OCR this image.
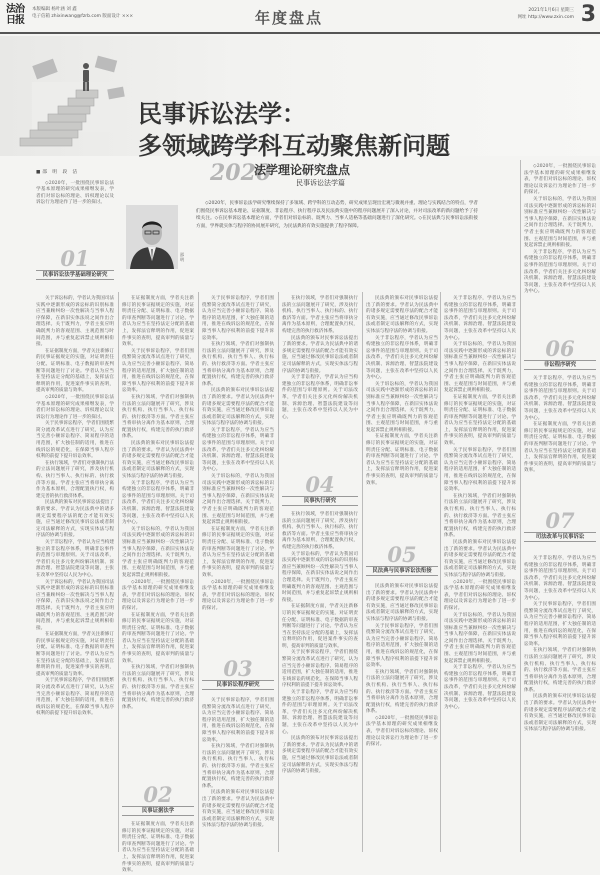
法治日报
本版编辑 杨叶涵 刘 鑫
电子信箱 zhixinwang@fzrb.com 版面设计 ×××	年度盘点	2021年1月6日 星期三
网址 http://www.zxin.com 3
民事诉讼法学：
多领域跨学科互动聚焦新问题
2020
法学理论研究盘点
民事诉讼法学篇
邵明
◇2020年，民事诉讼法学研究继续保持了多领域、跨学科的互动态势，研究成果呈现出宏观与微观并重、理论与实践结合的特点，学者们围绕民事诉讼基本理论、证据制度、非讼程序、执行程序以及民法典实施中的程序问题展开了深入讨论，并对司法改革的新问题给予了持续关注。◇在民事诉讼基本理论方面，学者们对诉讼标的、既判力、当事人适格等基础问题进行了深化研究。◇在民法典与民事诉讼法衔接方面，学界就实体与程序的协同展开研究，为民法典的有效实施提供了程序保障。
■邵 明 段 洁

◇2020年，一批围绕民事诉讼法学基本原理的研究成果相继发表，学者们对诉讼标的理论、诉权理论以及诉讼行为理论作了进一步的探讨。

01
民事诉讼法学基础理论研究

关于诉讼标的，学者认为我国司法实践中逐渐形成的诉讼标的识别标准应当兼顾纠纷一次性解决与当事人程序保障，在新旧实体法说之间作出合理选择。关于既判力，学者主张应明确既判力的客观范围、主观范围与时间范围，并与重复起诉禁止规则相衔接。

在证据制度方面，学者关注新修订的民事证据规定的实施，对证明责任分配、证明标准、电子数据的审查判断等问题进行了讨论。学者认为应当在坚持法定分配的基础上，发挥法官释明的作用，促进案件事实的查明，提高审判的质量与效率。

◇2020年，一批围绕民事诉讼法学基本原理的研究成果相继发表，学者们对诉讼标的理论、诉权理论以及诉讼行为理论作了进一步的探讨。

关于民事诉讼程序，学者们围绕繁简分流改革试点进行了研究，认为应当完善小额诉讼程序、简易程序的适用范围，扩大独任制的适用，推进在线诉讼的规范化，在保障当事人程序权利的前提下提升诉讼效率。

在执行领域，学者们对强制执行法的立法问题展开了研究，涉及执行机构、执行当事人、执行标的、执行救济等方面。学者主张应当将审执分离作为基本原则，合理配置执行权，构建完善的执行救济体系。

民法典的颁布对民事诉讼法提出了新的要求。学者认为民法典中的诸多规定需要程序法的配合才能有效实施，应当通过修改民事诉讼法或者制定司法解释的方式，实现实体法与程序法的协调与衔接。

关于非讼程序，学者认为应当构建独立的非讼程序体系，明确非讼事件的范围与审理原则。关于司法改革，学者们关注多元化纠纷解决机制、诉源治理、智慧法院建设等问题，主张在改革中坚持以人民为中心。

关于诉讼标的，学者认为我国司法实践中逐渐形成的诉讼标的识别标准应当兼顾纠纷一次性解决与当事人程序保障，在新旧实体法说之间作出合理选择。关于既判力，学者主张应明确既判力的客观范围、主观范围与时间范围，并与重复起诉禁止规则相衔接。

在证据制度方面，学者关注新修订的民事证据规定的实施，对证明责任分配、证明标准、电子数据的审查判断等问题进行了讨论。学者认为应当在坚持法定分配的基础上，发挥法官释明的作用，促进案件事实的查明，提高审判的质量与效率。

关于民事诉讼程序，学者们围绕繁简分流改革试点进行了研究，认为应当完善小额诉讼程序、简易程序的适用范围，扩大独任制的适用，推进在线诉讼的规范化，在保障当事人程序权利的前提下提升诉讼效率。

在证据制度方面，学者关注新修订的民事证据规定的实施，对证明责任分配、证明标准、电子数据的审查判断等问题进行了讨论。学者认为应当在坚持法定分配的基础上，发挥法官释明的作用，促进案件事实的查明，提高审判的质量与效率。

关于民事诉讼程序，学者们围绕繁简分流改革试点进行了研究，认为应当完善小额诉讼程序、简易程序的适用范围，扩大独任制的适用，推进在线诉讼的规范化，在保障当事人程序权利的前提下提升诉讼效率。

在执行领域，学者们对强制执行法的立法问题展开了研究，涉及执行机构、执行当事人、执行标的、执行救济等方面。学者主张应当将审执分离作为基本原则，合理配置执行权，构建完善的执行救济体系。

民法典的颁布对民事诉讼法提出了新的要求。学者认为民法典中的诸多规定需要程序法的配合才能有效实施，应当通过修改民事诉讼法或者制定司法解释的方式，实现实体法与程序法的协调与衔接。

关于非讼程序，学者认为应当构建独立的非讼程序体系，明确非讼事件的范围与审理原则。关于司法改革，学者们关注多元化纠纷解决机制、诉源治理、智慧法院建设等问题，主张在改革中坚持以人民为中心。

关于诉讼标的，学者认为我国司法实践中逐渐形成的诉讼标的识别标准应当兼顾纠纷一次性解决与当事人程序保障，在新旧实体法说之间作出合理选择。关于既判力，学者主张应明确既判力的客观范围、主观范围与时间范围，并与重复起诉禁止规则相衔接。

◇2020年，一批围绕民事诉讼法学基本原理的研究成果相继发表，学者们对诉讼标的理论、诉权理论以及诉讼行为理论作了进一步的探讨。

在证据制度方面，学者关注新修订的民事证据规定的实施，对证明责任分配、证明标准、电子数据的审查判断等问题进行了讨论。学者认为应当在坚持法定分配的基础上，发挥法官释明的作用，促进案件事实的查明，提高审判的质量与效率。

在执行领域，学者们对强制执行法的立法问题展开了研究，涉及执行机构、执行当事人、执行标的、执行救济等方面。学者主张应当将审执分离作为基本原则，合理配置执行权，构建完善的执行救济体系。

02
民事证据法学

在证据制度方面，学者关注新修订的民事证据规定的实施，对证明责任分配、证明标准、电子数据的审查判断等问题进行了讨论。学者认为应当在坚持法定分配的基础上，发挥法官释明的作用，促进案件事实的查明，提高审判的质量与效率。

关于民事诉讼程序，学者们围绕繁简分流改革试点进行了研究，认为应当完善小额诉讼程序、简易程序的适用范围，扩大独任制的适用，推进在线诉讼的规范化，在保障当事人程序权利的前提下提升诉讼效率。

在执行领域，学者们对强制执行法的立法问题展开了研究，涉及执行机构、执行当事人、执行标的、执行救济等方面。学者主张应当将审执分离作为基本原则，合理配置执行权，构建完善的执行救济体系。

民法典的颁布对民事诉讼法提出了新的要求。学者认为民法典中的诸多规定需要程序法的配合才能有效实施，应当通过修改民事诉讼法或者制定司法解释的方式，实现实体法与程序法的协调与衔接。

关于非讼程序，学者认为应当构建独立的非讼程序体系，明确非讼事件的范围与审理原则。关于司法改革，学者们关注多元化纠纷解决机制、诉源治理、智慧法院建设等问题，主张在改革中坚持以人民为中心。

关于诉讼标的，学者认为我国司法实践中逐渐形成的诉讼标的识别标准应当兼顾纠纷一次性解决与当事人程序保障，在新旧实体法说之间作出合理选择。关于既判力，学者主张应明确既判力的客观范围、主观范围与时间范围，并与重复起诉禁止规则相衔接。

在证据制度方面，学者关注新修订的民事证据规定的实施，对证明责任分配、证明标准、电子数据的审查判断等问题进行了讨论。学者认为应当在坚持法定分配的基础上，发挥法官释明的作用，促进案件事实的查明，提高审判的质量与效率。

◇2020年，一批围绕民事诉讼法学基本原理的研究成果相继发表，学者们对诉讼标的理论、诉权理论以及诉讼行为理论作了进一步的探讨。

03
民事诉讼程序研究

关于民事诉讼程序，学者们围绕繁简分流改革试点进行了研究，认为应当完善小额诉讼程序、简易程序的适用范围，扩大独任制的适用，推进在线诉讼的规范化，在保障当事人程序权利的前提下提升诉讼效率。

在执行领域，学者们对强制执行法的立法问题展开了研究，涉及执行机构、执行当事人、执行标的、执行救济等方面。学者主张应当将审执分离作为基本原则，合理配置执行权，构建完善的执行救济体系。

民法典的颁布对民事诉讼法提出了新的要求。学者认为民法典中的诸多规定需要程序法的配合才能有效实施，应当通过修改民事诉讼法或者制定司法解释的方式，实现实体法与程序法的协调与衔接。

在执行领域，学者们对强制执行法的立法问题展开了研究，涉及执行机构、执行当事人、执行标的、执行救济等方面。学者主张应当将审执分离作为基本原则，合理配置执行权，构建完善的执行救济体系。

民法典的颁布对民事诉讼法提出了新的要求。学者认为民法典中的诸多规定需要程序法的配合才能有效实施，应当通过修改民事诉讼法或者制定司法解释的方式，实现实体法与程序法的协调与衔接。

关于非讼程序，学者认为应当构建独立的非讼程序体系，明确非讼事件的范围与审理原则。关于司法改革，学者们关注多元化纠纷解决机制、诉源治理、智慧法院建设等问题，主张在改革中坚持以人民为中心。

04
民事执行研究

在执行领域，学者们对强制执行法的立法问题展开了研究，涉及执行机构、执行当事人、执行标的、执行救济等方面。学者主张应当将审执分离作为基本原则，合理配置执行权，构建完善的执行救济体系。

关于诉讼标的，学者认为我国司法实践中逐渐形成的诉讼标的识别标准应当兼顾纠纷一次性解决与当事人程序保障，在新旧实体法说之间作出合理选择。关于既判力，学者主张应明确既判力的客观范围、主观范围与时间范围，并与重复起诉禁止规则相衔接。

在证据制度方面，学者关注新修订的民事证据规定的实施，对证明责任分配、证明标准、电子数据的审查判断等问题进行了讨论。学者认为应当在坚持法定分配的基础上，发挥法官释明的作用，促进案件事实的查明，提高审判的质量与效率。

关于民事诉讼程序，学者们围绕繁简分流改革试点进行了研究，认为应当完善小额诉讼程序、简易程序的适用范围，扩大独任制的适用，推进在线诉讼的规范化，在保障当事人程序权利的前提下提升诉讼效率。

关于非讼程序，学者认为应当构建独立的非讼程序体系，明确非讼事件的范围与审理原则。关于司法改革，学者们关注多元化纠纷解决机制、诉源治理、智慧法院建设等问题，主张在改革中坚持以人民为中心。

民法典的颁布对民事诉讼法提出了新的要求。学者认为民法典中的诸多规定需要程序法的配合才能有效实施，应当通过修改民事诉讼法或者制定司法解释的方式，实现实体法与程序法的协调与衔接。

民法典的颁布对民事诉讼法提出了新的要求。学者认为民法典中的诸多规定需要程序法的配合才能有效实施，应当通过修改民事诉讼法或者制定司法解释的方式，实现实体法与程序法的协调与衔接。

关于非讼程序，学者认为应当构建独立的非讼程序体系，明确非讼事件的范围与审理原则。关于司法改革，学者们关注多元化纠纷解决机制、诉源治理、智慧法院建设等问题，主张在改革中坚持以人民为中心。

关于诉讼标的，学者认为我国司法实践中逐渐形成的诉讼标的识别标准应当兼顾纠纷一次性解决与当事人程序保障，在新旧实体法说之间作出合理选择。关于既判力，学者主张应明确既判力的客观范围、主观范围与时间范围，并与重复起诉禁止规则相衔接。

在证据制度方面，学者关注新修订的民事证据规定的实施，对证明责任分配、证明标准、电子数据的审查判断等问题进行了讨论。学者认为应当在坚持法定分配的基础上，发挥法官释明的作用，促进案件事实的查明，提高审判的质量与效率。

05
民法典与民事诉讼法衔接

民法典的颁布对民事诉讼法提出了新的要求。学者认为民法典中的诸多规定需要程序法的配合才能有效实施，应当通过修改民事诉讼法或者制定司法解释的方式，实现实体法与程序法的协调与衔接。

关于民事诉讼程序，学者们围绕繁简分流改革试点进行了研究，认为应当完善小额诉讼程序、简易程序的适用范围，扩大独任制的适用，推进在线诉讼的规范化，在保障当事人程序权利的前提下提升诉讼效率。

在执行领域，学者们对强制执行法的立法问题展开了研究，涉及执行机构、执行当事人、执行标的、执行救济等方面。学者主张应当将审执分离作为基本原则，合理配置执行权，构建完善的执行救济体系。

◇2020年，一批围绕民事诉讼法学基本原理的研究成果相继发表，学者们对诉讼标的理论、诉权理论以及诉讼行为理论作了进一步的探讨。

关于非讼程序，学者认为应当构建独立的非讼程序体系，明确非讼事件的范围与审理原则。关于司法改革，学者们关注多元化纠纷解决机制、诉源治理、智慧法院建设等问题，主张在改革中坚持以人民为中心。

关于诉讼标的，学者认为我国司法实践中逐渐形成的诉讼标的识别标准应当兼顾纠纷一次性解决与当事人程序保障，在新旧实体法说之间作出合理选择。关于既判力，学者主张应明确既判力的客观范围、主观范围与时间范围，并与重复起诉禁止规则相衔接。

在证据制度方面，学者关注新修订的民事证据规定的实施，对证明责任分配、证明标准、电子数据的审查判断等问题进行了讨论。学者认为应当在坚持法定分配的基础上，发挥法官释明的作用，促进案件事实的查明，提高审判的质量与效率。

关于民事诉讼程序，学者们围绕繁简分流改革试点进行了研究，认为应当完善小额诉讼程序、简易程序的适用范围，扩大独任制的适用，推进在线诉讼的规范化，在保障当事人程序权利的前提下提升诉讼效率。

在执行领域，学者们对强制执行法的立法问题展开了研究，涉及执行机构、执行当事人、执行标的、执行救济等方面。学者主张应当将审执分离作为基本原则，合理配置执行权，构建完善的执行救济体系。

民法典的颁布对民事诉讼法提出了新的要求。学者认为民法典中的诸多规定需要程序法的配合才能有效实施，应当通过修改民事诉讼法或者制定司法解释的方式，实现实体法与程序法的协调与衔接。

◇2020年，一批围绕民事诉讼法学基本原理的研究成果相继发表，学者们对诉讼标的理论、诉权理论以及诉讼行为理论作了进一步的探讨。

关于诉讼标的，学者认为我国司法实践中逐渐形成的诉讼标的识别标准应当兼顾纠纷一次性解决与当事人程序保障，在新旧实体法说之间作出合理选择。关于既判力，学者主张应明确既判力的客观范围、主观范围与时间范围，并与重复起诉禁止规则相衔接。

关于非讼程序，学者认为应当构建独立的非讼程序体系，明确非讼事件的范围与审理原则。关于司法改革，学者们关注多元化纠纷解决机制、诉源治理、智慧法院建设等问题，主张在改革中坚持以人民为中心。

◇2020年，一批围绕民事诉讼法学基本原理的研究成果相继发表，学者们对诉讼标的理论、诉权理论以及诉讼行为理论作了进一步的探讨。

关于诉讼标的，学者认为我国司法实践中逐渐形成的诉讼标的识别标准应当兼顾纠纷一次性解决与当事人程序保障，在新旧实体法说之间作出合理选择。关于既判力，学者主张应明确既判力的客观范围、主观范围与时间范围，并与重复起诉禁止规则相衔接。

关于非讼程序，学者认为应当构建独立的非讼程序体系，明确非讼事件的范围与审理原则。关于司法改革，学者们关注多元化纠纷解决机制、诉源治理、智慧法院建设等问题，主张在改革中坚持以人民为中心。

06
非讼程序研究

关于非讼程序，学者认为应当构建独立的非讼程序体系，明确非讼事件的范围与审理原则。关于司法改革，学者们关注多元化纠纷解决机制、诉源治理、智慧法院建设等问题，主张在改革中坚持以人民为中心。

在证据制度方面，学者关注新修订的民事证据规定的实施，对证明责任分配、证明标准、电子数据的审查判断等问题进行了讨论。学者认为应当在坚持法定分配的基础上，发挥法官释明的作用，促进案件事实的查明，提高审判的质量与效率。

07
司法改革与民事诉讼

关于非讼程序，学者认为应当构建独立的非讼程序体系，明确非讼事件的范围与审理原则。关于司法改革，学者们关注多元化纠纷解决机制、诉源治理、智慧法院建设等问题，主张在改革中坚持以人民为中心。

关于民事诉讼程序，学者们围绕繁简分流改革试点进行了研究，认为应当完善小额诉讼程序、简易程序的适用范围，扩大独任制的适用，推进在线诉讼的规范化，在保障当事人程序权利的前提下提升诉讼效率。

在执行领域，学者们对强制执行法的立法问题展开了研究，涉及执行机构、执行当事人、执行标的、执行救济等方面。学者主张应当将审执分离作为基本原则，合理配置执行权，构建完善的执行救济体系。

民法典的颁布对民事诉讼法提出了新的要求。学者认为民法典中的诸多规定需要程序法的配合才能有效实施，应当通过修改民事诉讼法或者制定司法解释的方式，实现实体法与程序法的协调与衔接。
